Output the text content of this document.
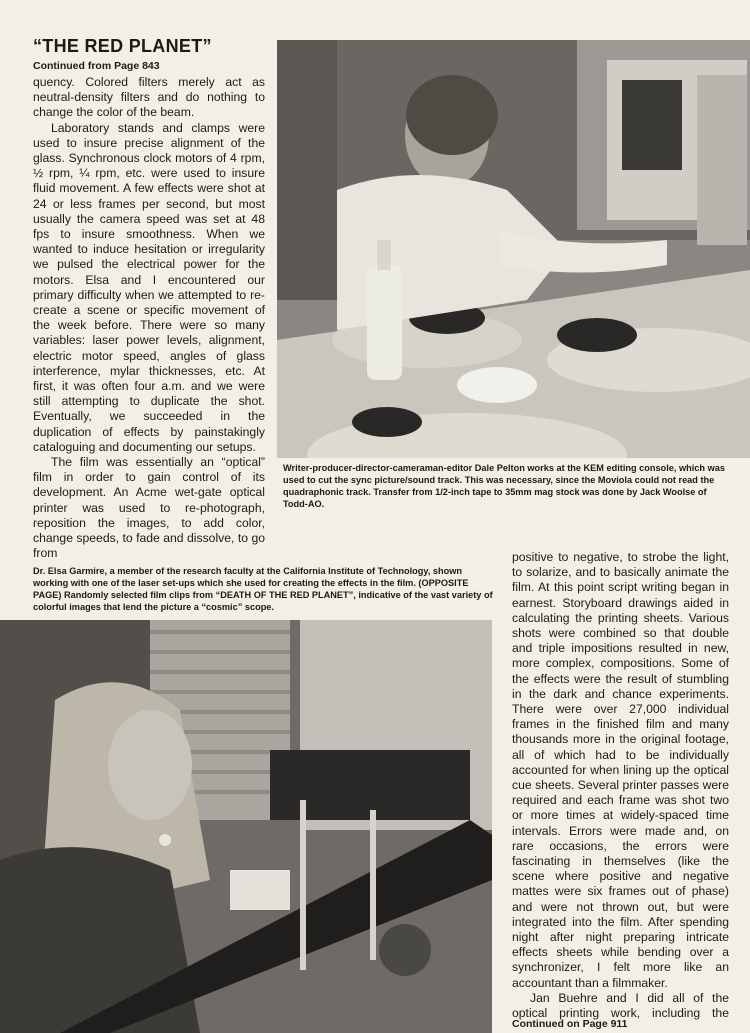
“THE RED PLANET”
Continued from Page 843

quency. Colored filters merely act as neutral-density filters and do nothing to change the color of the beam.

Laboratory stands and clamps were used to insure precise alignment of the glass. Synchronous clock motors of 4 rpm, ½ rpm, ¼ rpm, etc. were used to insure fluid movement. A few effects were shot at 24 or less frames per second, but most usually the camera speed was set at 48 fps to insure smoothness. When we wanted to induce hesitation or irregularity we pulsed the electrical power for the motors. Elsa and I encountered our primary difficulty when we attempted to re-create a scene or specific movement of the week before. There were so many variables: laser power levels, alignment, electric motor speed, angles of glass interference, mylar thicknesses, etc. At first, it was often four a.m. and we were still attempting to duplicate the shot. Eventually, we succeeded in the duplication of effects by painstakingly cataloguing and documenting our setups.

The film was essentially an “optical” film in order to gain control of its development. An Acme wet-gate optical printer was used to re-photograph, reposition the images, to add color, change speeds, to fade and dissolve, to go from

Writer-producer-director-cameraman-editor Dale Pelton works at the KEM editing console, which was used to cut the sync picture/sound track. This was necessary, since the Moviola could not read the quadraphonic track. Transfer from 1/2-inch tape to 35mm mag stock was done by Jack Woolse of Todd-AO.
Dr. Elsa Garmire, a member of the research faculty at the California Institute of Technology, shown working with one of the laser set-ups which she used for creating the effects in the film. (OPPOSITE PAGE) Randomly selected film clips from “DEATH OF THE RED PLANET”, indicative of the vast variety of colorful images that lend the picture a “cosmic” scope.

positive to negative, to strobe the light, to solarize, and to basically animate the film. At this point script writing began in earnest. Storyboard drawings aided in calculating the printing sheets. Various shots were combined so that double and triple impositions resulted in new, more complex, compositions. Some of the effects were the result of stumbling in the dark and chance experiments. There were over 27,000 individual frames in the finished film and many thousands more in the original footage, all of which had to be individually accounted for when lining up the optical cue sheets. Several printer passes were required and each frame was shot two or more times at widely-spaced time intervals. Errors were made and, on rare occasions, the errors were fascinating in themselves (like the scene where positive and negative mattes were six frames out of phase) and were not thrown out, but were integrated into the film. After spending night after night preparing intricate effects sheets while bending over a synchronizer, I felt more like an accountant than a filmmaker.

Jan Buehre and I did all of the optical printing work, including the

Continued on Page 911
